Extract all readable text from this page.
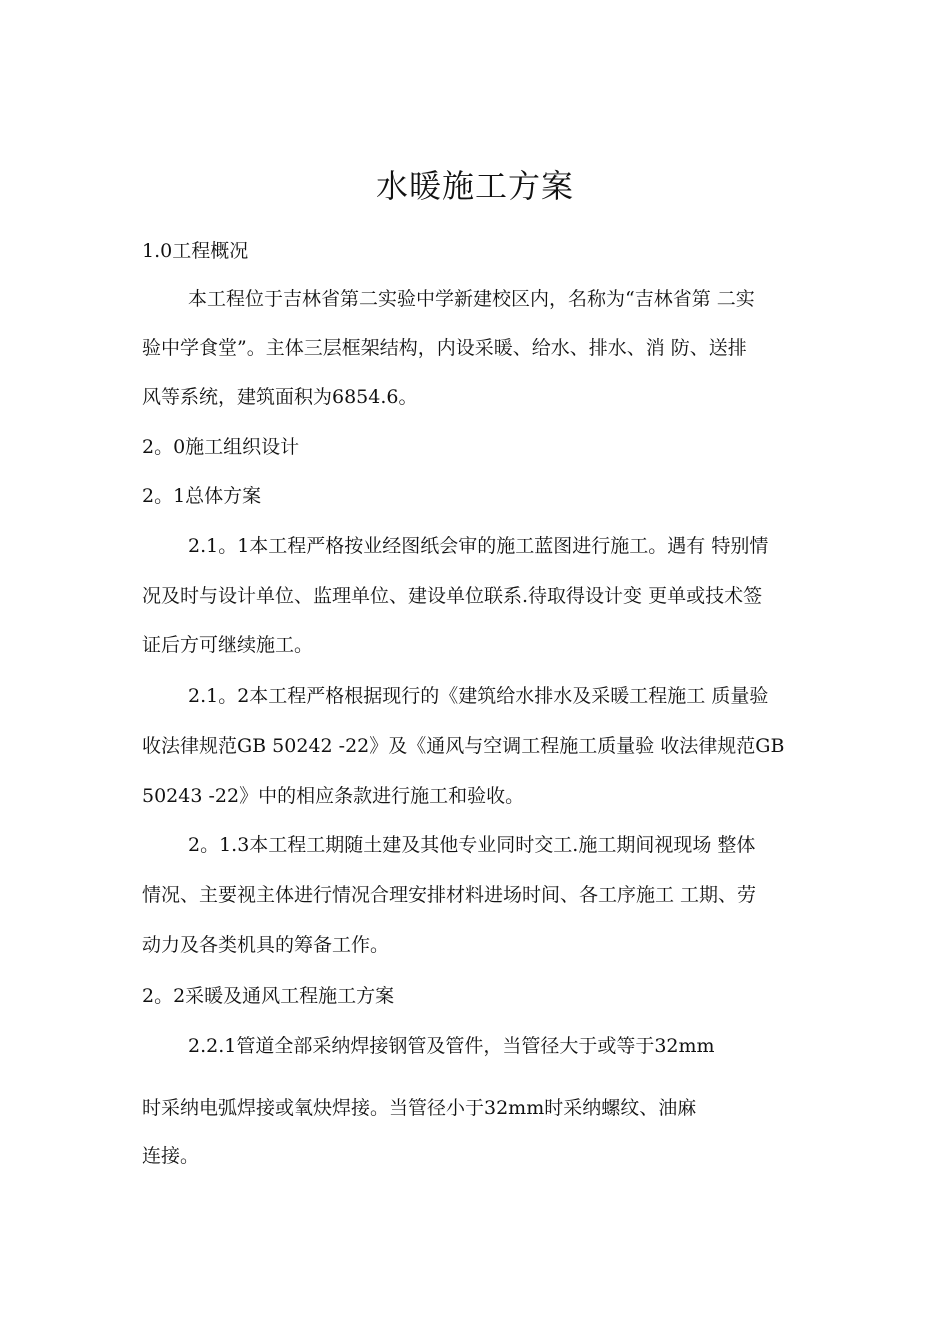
水暖施工方案
1.0工程概况
本工程位于吉林省第二实验中学新建校区内，名称为“吉林省第 二实
验中学食堂”。主体三层框架结构，内设采暖、给水、排水、消 防、送排
风等系统，建筑面积为6854.6。
2。0施工组织设计
2。1总体方案
2.1。1本工程严格按业经图纸会审的施工蓝图进行施工。遇有 特别情
况及时与设计单位、监理单位、建设单位联系.待取得设计变 更单或技术签
证后方可继续施工。
2.1。2本工程严格根据现行的《建筑给水排水及采暖工程施工 质量验
收法律规范GB 50242 -22》及《通风与空调工程施工质量验 收法律规范GB
50243 -22》中的相应条款进行施工和验收。
2。1.3本工程工期随土建及其他专业同时交工.施工期间视现场 整体
情况、主要视主体进行情况合理安排材料进场时间、各工序施工 工期、劳
动力及各类机具的筹备工作。
2。2采暖及通风工程施工方案
2.2.1管道全部采纳焊接钢管及管件，当管径大于或等于32mm
时采纳电弧焊接或氧炔焊接。当管径小于32mm时采纳螺纹、油麻
连接。
